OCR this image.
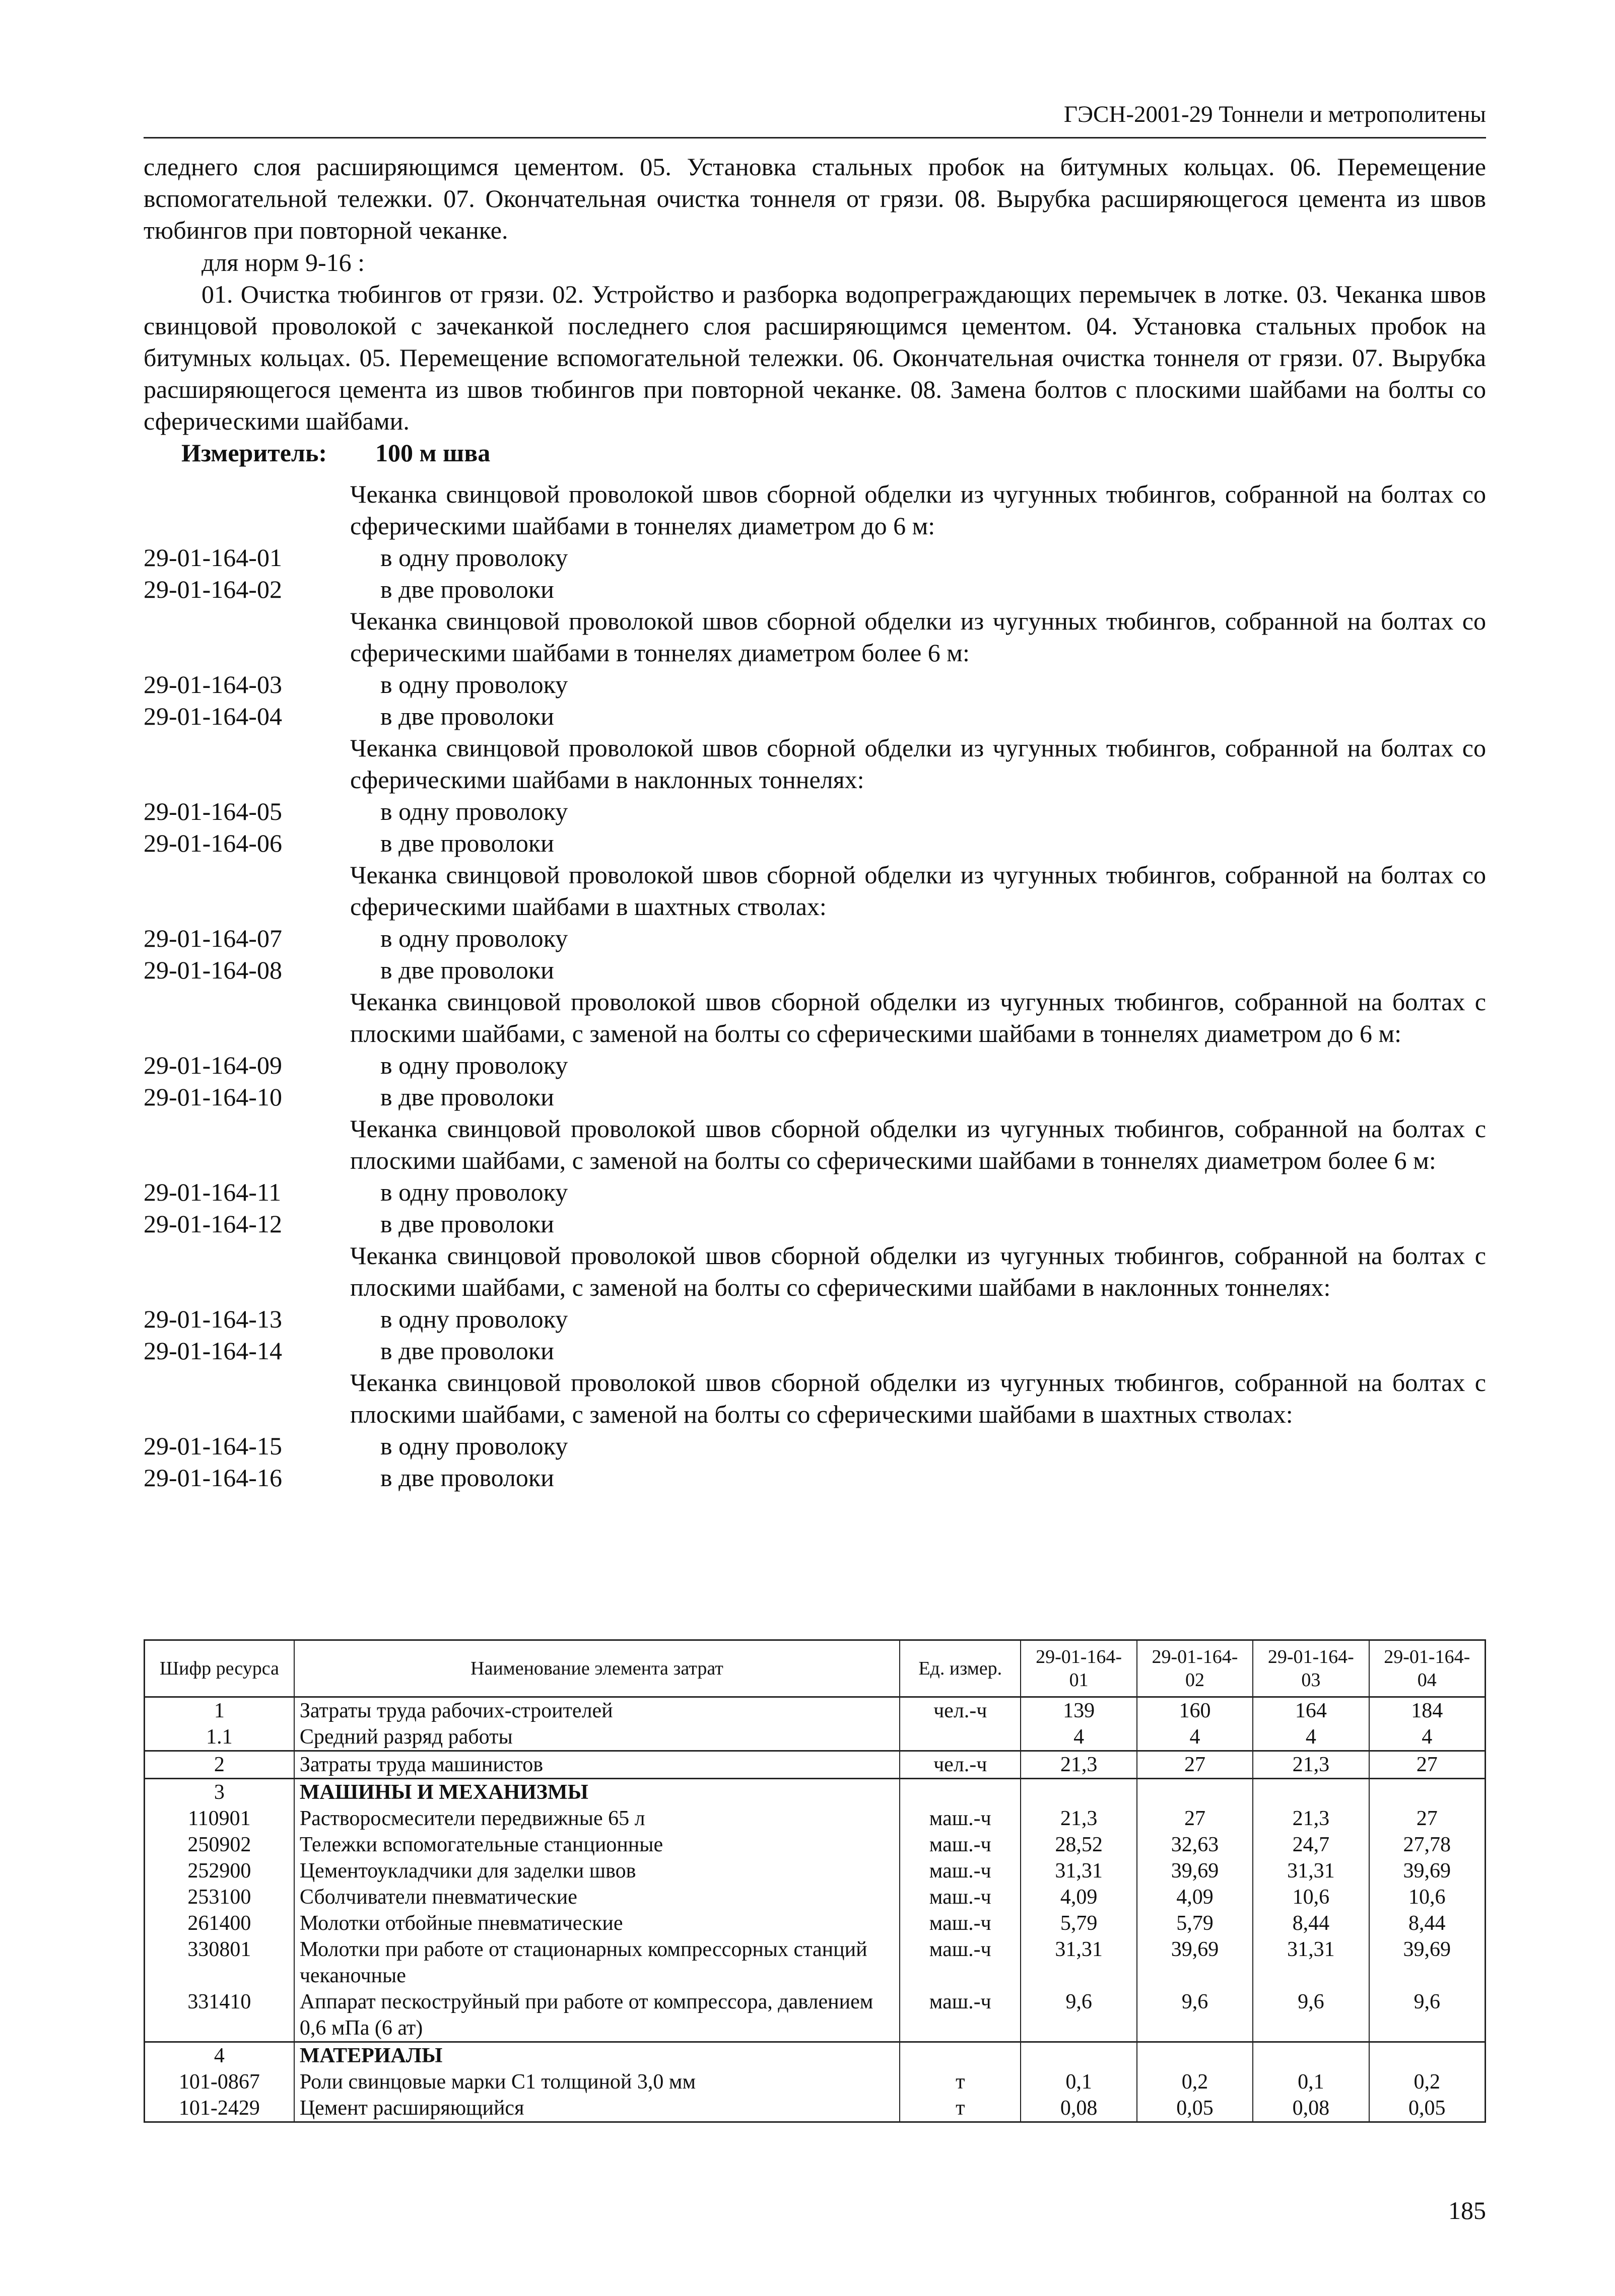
ГЭСН-2001-29 Тоннели и метрополитены
следнего слоя расширяющимся цементом. 05. Установка стальных пробок на битумных кольцах. 06. Перемещение вспомогательной тележки. 07. Окончательная очистка тоннеля от грязи. 08. Вырубка расширяющегося цемента из швов тюбингов при повторной чеканке.
для норм 9-16 :
01. Очистка тюбингов от грязи. 02. Устройство и разборка водопреграждающих перемычек в лотке. 03. Чеканка швов свинцовой проволокой с зачеканкой последнего слоя расширяющимся цементом. 04. Установка стальных пробок на битумных кольцах. 05. Перемещение вспомогательной тележки. 06. Окончательная очистка тоннеля от грязи. 07. Вырубка расширяющегося цемента из швов тюбингов при повторной чеканке. 08. Замена болтов с плоскими шайбами на болты со сферическими шайбами.
Измеритель: 100 м шва
Чеканка свинцовой проволокой швов сборной обделки из чугунных тюбингов, собранной на болтах со сферическими шайбами в тоннелях диаметром до 6 м:
29-01-164-01	в одну проволоку
29-01-164-02	в две проволоки
Чеканка свинцовой проволокой швов сборной обделки из чугунных тюбингов, собранной на болтах со сферическими шайбами в тоннелях диаметром более 6 м:
29-01-164-03	в одну проволоку
29-01-164-04	в две проволоки
Чеканка свинцовой проволокой швов сборной обделки из чугунных тюбингов, собранной на болтах со сферическими шайбами в наклонных тоннелях:
29-01-164-05	в одну проволоку
29-01-164-06	в две проволоки
Чеканка свинцовой проволокой швов сборной обделки из чугунных тюбингов, собранной на болтах со сферическими шайбами в шахтных стволах:
29-01-164-07	в одну проволоку
29-01-164-08	в две проволоки
Чеканка свинцовой проволокой швов сборной обделки из чугунных тюбингов, собранной на болтах с плоскими шайбами, с заменой на болты со сферическими шайбами в тоннелях диаметром до 6 м:
29-01-164-09	в одну проволоку
29-01-164-10	в две проволоки
Чеканка свинцовой проволокой швов сборной обделки из чугунных тюбингов, собранной на болтах с плоскими шайбами, с заменой на болты со сферическими шайбами в тоннелях диаметром более 6 м:
29-01-164-11	в одну проволоку
29-01-164-12	в две проволоки
Чеканка свинцовой проволокой швов сборной обделки из чугунных тюбингов, собранной на болтах с плоскими шайбами, с заменой на болты со сферическими шайбами в наклонных тоннелях:
29-01-164-13	в одну проволоку
29-01-164-14	в две проволоки
Чеканка свинцовой проволокой швов сборной обделки из чугунных тюбингов, собранной на болтах с плоскими шайбами, с заменой на болты со сферическими шайбами в шахтных стволах:
29-01-164-15	в одну проволоку
29-01-164-16	в две проволоки
Шифр ресурса	Наименование элемента затрат	Ед. измер.	29-01-164-01	29-01-164-02	29-01-164-03	29-01-164-04
1	Затраты труда рабочих-строителей	чел.-ч	139	160	164	184
1.1	Средний разряд работы		4	4	4	4
2	Затраты труда машинистов	чел.-ч	21,3	27	21,3	27
3	МАШИНЫ И МЕХАНИЗМЫ					
110901	Растворосмесители передвижные 65 л	маш.-ч	21,3	27	21,3	27
250902	Тележки вспомогательные станционные	маш.-ч	28,52	32,63	24,7	27,78
252900	Цементоукладчики для заделки швов	маш.-ч	31,31	39,69	31,31	39,69
253100	Сболчиватели пневматические	маш.-ч	4,09	4,09	10,6	10,6
261400	Молотки отбойные пневматические	маш.-ч	5,79	5,79	8,44	8,44
330801	Молотки при работе от стационарных компрессорных станций чеканочные	маш.-ч	31,31	39,69	31,31	39,69
331410	Аппарат пескоструйный при работе от компрессора, давлением 0,6 мПа (6 ат)	маш.-ч	9,6	9,6	9,6	9,6
4	МАТЕРИАЛЫ					
101-0867	Роли свинцовые марки С1 толщиной 3,0 мм	т	0,1	0,2	0,1	0,2
101-2429	Цемент расширяющийся	т	0,08	0,05	0,08	0,05
185
